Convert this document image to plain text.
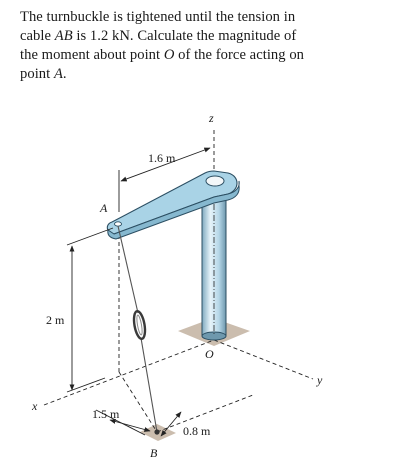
The turnbuckle is tightened until the tension in
cable AB is 1.2 kN. Calculate the magnitude of
the moment about point O of the force acting on
point A.
z
1.6 m
A
2 m
O
y
x
1.5 m
0.8 m
B
